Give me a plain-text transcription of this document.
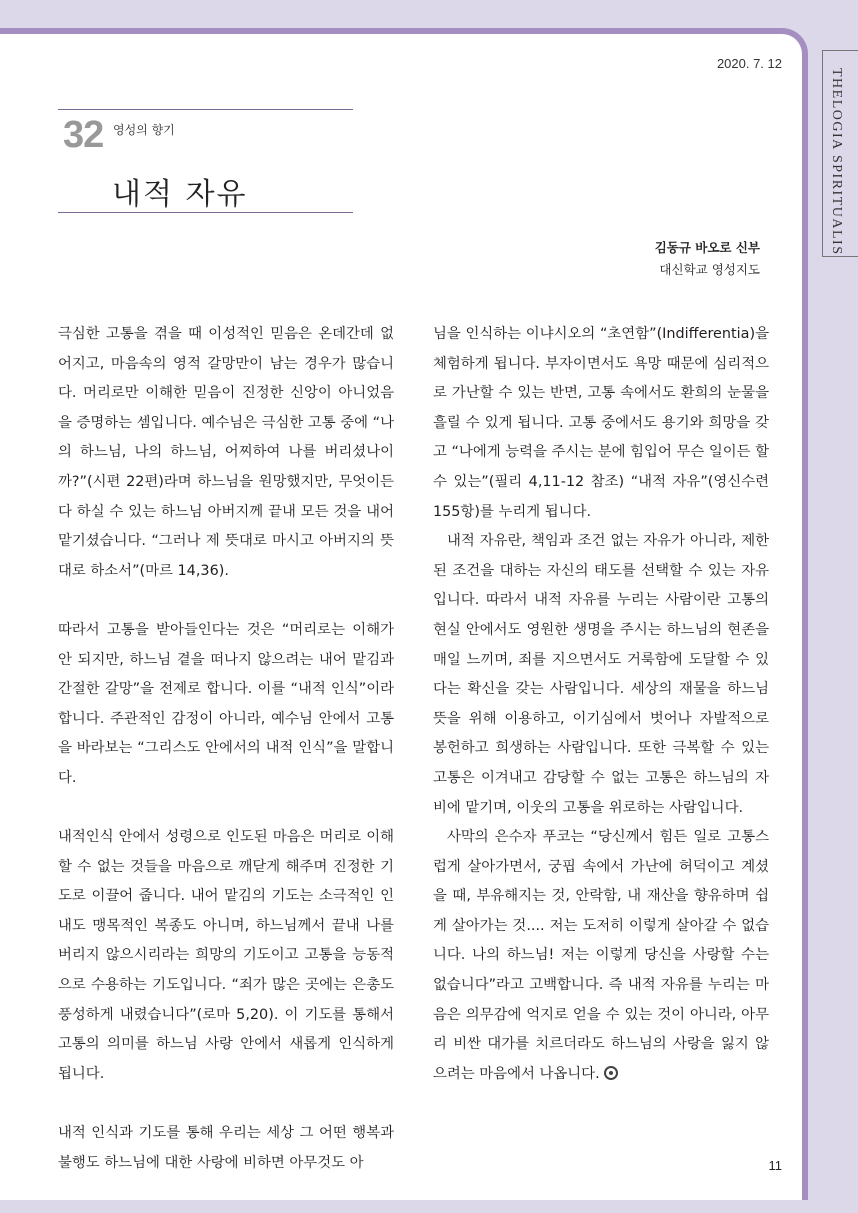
2020. 7. 12
32 영성의 향기
내적 자유
김동규 바오로 신부
대신학교 영성지도

극심한 고통을 겪을 때 이성적인 믿음은 온데간데 없어지고, 마음속의 영적 갈망만이 남는 경우가 많습니다. 머리로만 이해한 믿음이 진정한 신앙이 아니었음을 증명하는 셈입니다. 예수님은 극심한 고통 중에 “나의 하느님, 나의 하느님, 어찌하여 나를 버리셨나이까?”(시편 22편)라며 하느님을 원망했지만, 무엇이든 다 하실 수 있는 하느님 아버지께 끝내 모든 것을 내어 맡기셨습니다. “그러나 제 뜻대로 마시고 아버지의 뜻대로 하소서”(마르 14,36).

따라서 고통을 받아들인다는 것은 “머리로는 이해가 안 되지만, 하느님 곁을 떠나지 않으려는 내어 맡김과 간절한 갈망”을 전제로 합니다. 이를 “내적 인식”이라 합니다. 주관적인 감정이 아니라, 예수님 안에서 고통을 바라보는 “그리스도 안에서의 내적 인식”을 말합니다.

내적인식 안에서 성령으로 인도된 마음은 머리로 이해할 수 없는 것들을 마음으로 깨닫게 해주며 진정한 기도로 이끌어 줍니다. 내어 맡김의 기도는 소극적인 인내도 맹목적인 복종도 아니며, 하느님께서 끝내 나를 버리지 않으시리라는 희망의 기도이고 고통을 능동적으로 수용하는 기도입니다. “죄가 많은 곳에는 은총도 풍성하게 내렸습니다”(로마 5,20). 이 기도를 통해서 고통의 의미를 하느님 사랑 안에서 새롭게 인식하게 됩니다.

내적 인식과 기도를 통해 우리는 세상 그 어떤 행복과 불행도 하느님에 대한 사랑에 비하면 아무것도 아

님을 인식하는 이냐시오의 “초연함”(Indifferentia)을 체험하게 됩니다. 부자이면서도 욕망 때문에 심리적으로 가난할 수 있는 반면, 고통 속에서도 환희의 눈물을 흘릴 수 있게 됩니다. 고통 중에서도 용기와 희망을 갖고 “나에게 능력을 주시는 분에 힘입어 무슨 일이든 할 수 있는”(필리 4,11-12 참조) “내적 자유”(영신수련 155항)를 누리게 됩니다.

내적 자유란, 책임과 조건 없는 자유가 아니라, 제한된 조건을 대하는 자신의 태도를 선택할 수 있는 자유입니다. 따라서 내적 자유를 누리는 사람이란 고통의 현실 안에서도 영원한 생명을 주시는 하느님의 현존을 매일 느끼며, 죄를 지으면서도 거룩함에 도달할 수 있다는 확신을 갖는 사람입니다. 세상의 재물을 하느님 뜻을 위해 이용하고, 이기심에서 벗어나 자발적으로 봉헌하고 희생하는 사람입니다. 또한 극복할 수 있는 고통은 이겨내고 감당할 수 없는 고통은 하느님의 자비에 맡기며, 이웃의 고통을 위로하는 사람입니다.

사막의 은수자 푸코는 “당신께서 힘든 일로 고통스럽게 살아가면서, 궁핍 속에서 가난에 허덕이고 계셨을 때, 부유해지는 것, 안락함, 내 재산을 향유하며 쉽게 살아가는 것.... 저는 도저히 이렇게 살아갈 수 없습니다. 나의 하느님! 저는 이렇게 당신을 사랑할 수는 없습니다”라고 고백합니다. 즉 내적 자유를 누리는 마음은 의무감에 억지로 얻을 수 있는 것이 아니라, 아무리 비싼 대가를 치르더라도 하느님의 사랑을 잃지 않으려는 마음에서 나옵니다.

11
THELOGIA SPIRITUALIS
